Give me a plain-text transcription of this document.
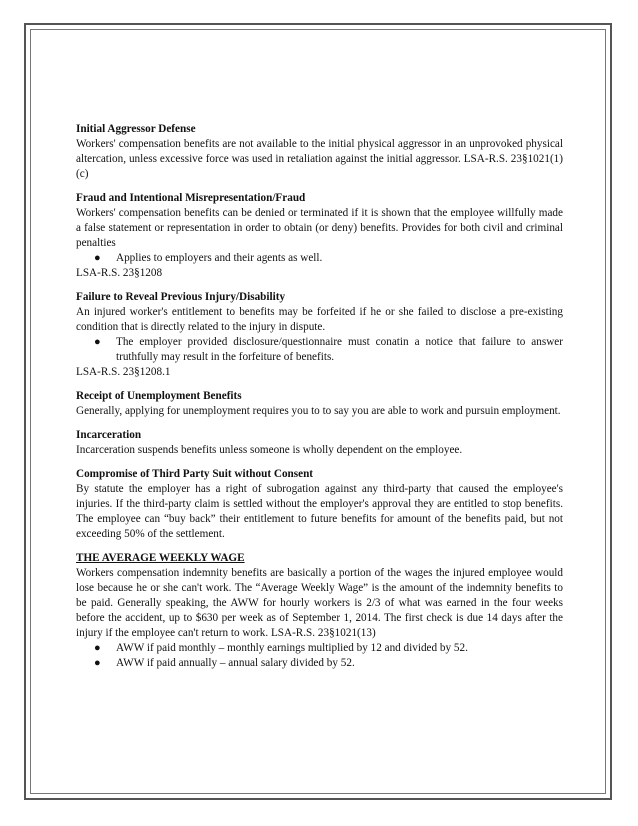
Initial Aggressor Defense
Workers' compensation benefits are not available to the initial physical aggressor in an unprovoked physical altercation, unless excessive force was used in retaliation against the initial aggressor. LSA-R.S. 23§1021(1)(c)
Fraud and Intentional Misrepresentation/Fraud
Workers' compensation benefits can be denied or terminated if it is shown that the employee willfully made a false statement or representation in order to obtain (or deny) benefits. Provides for both civil and criminal penalties
● Applies to employers and their agents as well.
LSA-R.S. 23§1208
Failure to Reveal Previous Injury/Disability
An injured worker's entitlement to benefits may be forfeited if he or she failed to disclose a pre-existing condition that is directly related to the injury in dispute.
● The employer provided disclosure/questionnaire must conatin a notice that failure to answer truthfully may result in the forfeiture of benefits.
LSA-R.S. 23§1208.1
Receipt of Unemployment Benefits
Generally, applying for unemployment requires you to to say you are able to work and pursuin employment.
Incarceration
Incarceration suspends benefits unless someone is wholly dependent on the employee.
Compromise of Third Party Suit without Consent
By statute the employer has a right of subrogation against any third-party that caused the employee's injuries. If the third-party claim is settled without the employer's approval they are entitled to stop benefits. The employee can “buy back” their entitlement to future benefits for amount of the benefits paid, but not exceeding 50% of the settlement.
THE AVERAGE WEEKLY WAGE
Workers compensation indemnity benefits are basically a portion of the wages the injured employee would lose because he or she can't work. The “Average Weekly Wage” is the amount of the indemnity benefits to be paid. Generally speaking, the AWW for hourly workers is 2/3 of what was earned in the four weeks before the accident, up to $630 per week as of September 1, 2014. The first check is due 14 days after the injury if the employee can't return to work. LSA-R.S. 23§1021(13)
● AWW if paid monthly – monthly earnings multiplied by 12 and divided by 52.
● AWW if paid annually – annual salary divided by 52.
